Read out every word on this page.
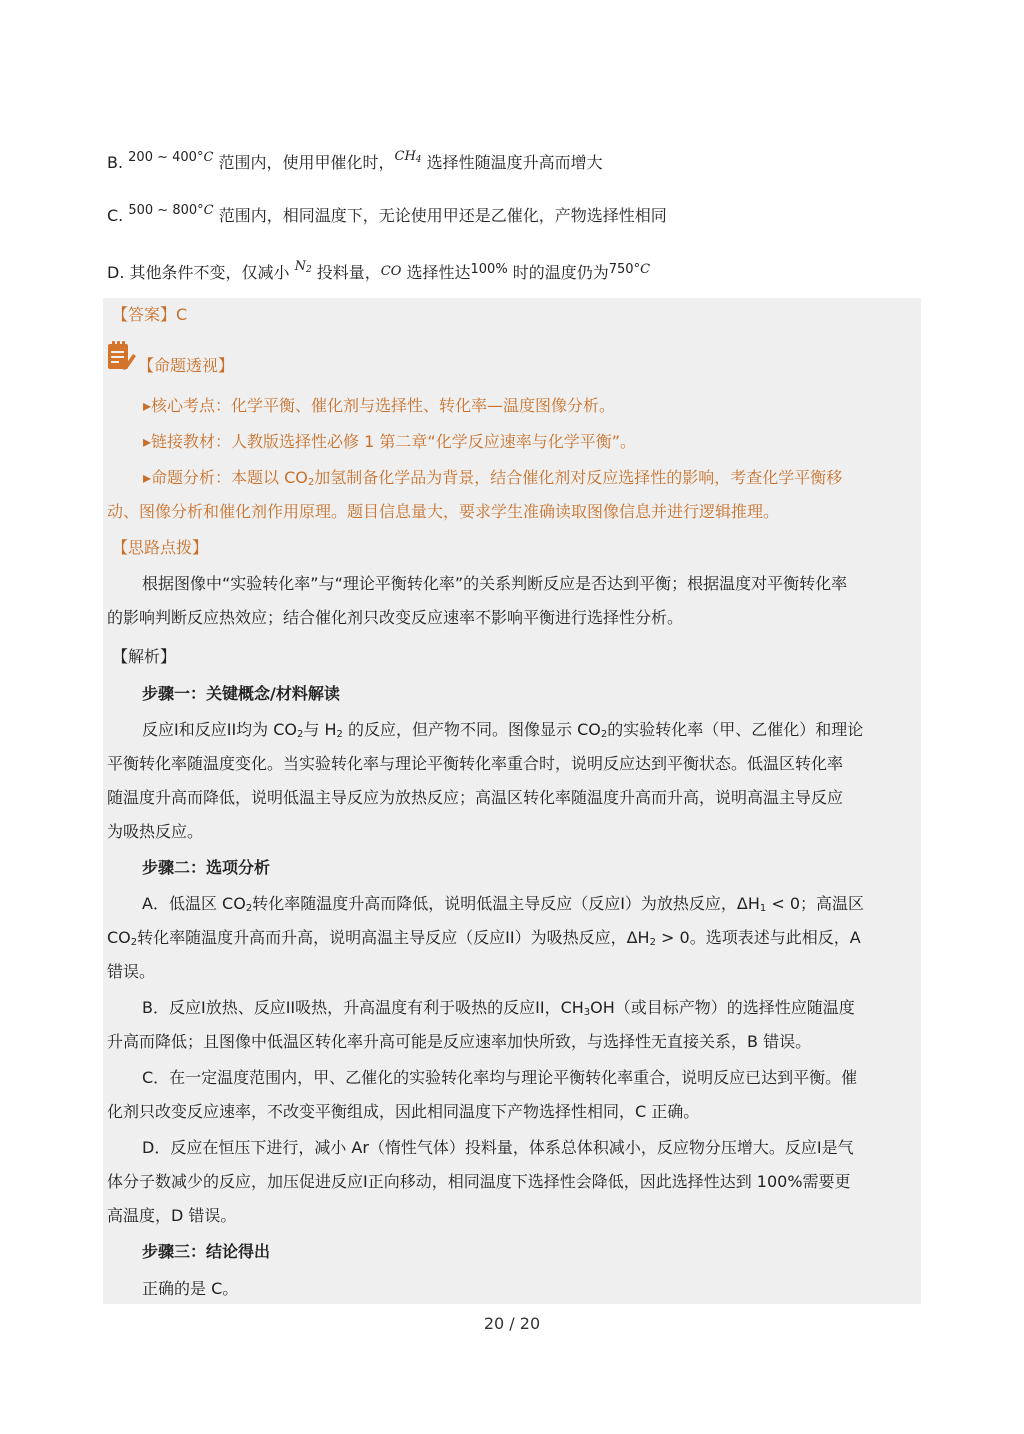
B. $^{200 \sim 400^\circ C}$ 范围内，使用甲催化时，$^{CH4}$ 选择性随温度升高而增大
C. $^{500 \sim 800^\circ C}$ 范围内，相同温度下，无论使用甲还是乙催化，产物选择性相同
D. 其他条件不变，仅减小 $^{N2}$ 投料量，CO 选择性达$^{100\%}$ 时的温度仍为$^{750^\circ C}$
【答案】C
【命题透视】
▸核心考点：化学平衡、催化剂与选择性、转化率—温度图像分析。
▸链接教材：人教版选择性必修 1 第二章“化学反应速率与化学平衡”。
▸命题分析：本题以 $CO_2$加氢制备化学品为背景，结合催化剂对反应选择性的影响，考查化学平衡移
动、图像分析和催化剂作用原理。题目信息量大，要求学生准确读取图像信息并进行逻辑推理。
【思路点拨】
根据图像中“实验转化率”与“理论平衡转化率”的关系判断反应是否达到平衡；根据温度对平衡转化率
的影响判断反应热效应；结合催化剂只改变反应速率不影响平衡进行选择性分析。
【解析】
步骤一：关键概念/材料解读
反应I和反应II均为 $CO_2$与 $H_2$ 的反应，但产物不同。图像显示 $CO_2$的实验转化率（甲、乙催化）和理论
平衡转化率随温度变化。当实验转化率与理论平衡转化率重合时，说明反应达到平衡状态。低温区转化率
随温度升高而降低，说明低温主导反应为放热反应；高温区转化率随温度升高而升高，说明高温主导反应
为吸热反应。
步骤二：选项分析
A．低温区 $CO_2$转化率随温度升高而降低，说明低温主导反应（反应I）为放热反应，$\Delta H_1 < 0$；高温区
$CO_2$转化率随温度升高而升高，说明高温主导反应（反应II）为吸热反应，$\Delta H_2 > 0$。选项表述与此相反，A
错误。
B．反应I放热、反应II吸热，升高温度有利于吸热的反应II，$CH_3OH$（或目标产物）的选择性应随温度
升高而降低；且图像中低温区转化率升高可能是反应速率加快所致，与选择性无直接关系，B 错误。
C．在一定温度范围内，甲、乙催化的实验转化率均与理论平衡转化率重合，说明反应已达到平衡。催
化剂只改变反应速率，不改变平衡组成，因此相同温度下产物选择性相同，C 正确。
D．反应在恒压下进行，减小 Ar（惰性气体）投料量，体系总体积减小，反应物分压增大。反应I是气
体分子数减少的反应，加压促进反应I正向移动，相同温度下选择性会降低，因此选择性达到 100%需要更
高温度，D 错误。
步骤三：结论得出
正确的是 C。
20 / 20
